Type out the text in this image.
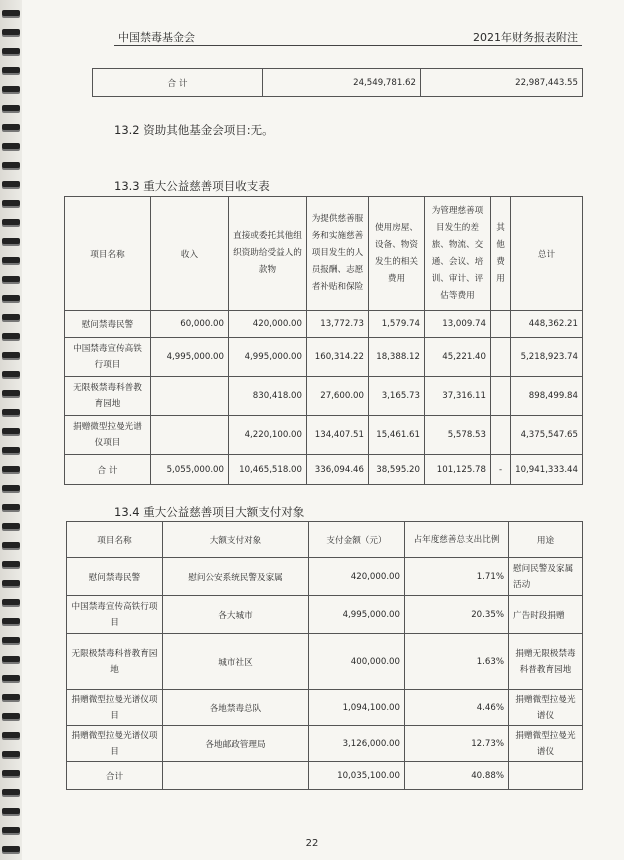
中国禁毒基金会	2021年财务报表附注
合 计	24,549,781.62	22,987,443.55
13.2 资助其他基金会项目:无。
13.3 重大公益慈善项目收支表
项目名称	收入	直接或委托其他组织资助给受益人的款物	为提供慈善服务和实施慈善项目发生的人员报酬、志愿者补贴和保险	使用房屋、设备、物资发生的相关费用	为管理慈善项目发生的差旅、物流、交通、会议、培训、审计、评估等费用	其他费用	总计
慰问禁毒民警	60,000.00	420,000.00	13,772.73	1,579.74	13,009.74		448,362.21
中国禁毒宣传高铁行项目	4,995,000.00	4,995,000.00	160,314.22	18,388.12	45,221.40		5,218,923.74
无限极禁毒科普教育园地		830,418.00	27,600.00	3,165.73	37,316.11		898,499.84
捐赠微型拉曼光谱仪项目		4,220,100.00	134,407.51	15,461.61	5,578.53		4,375,547.65
合 计	5,055,000.00	10,465,518.00	336,094.46	38,595.20	101,125.78	-	10,941,333.44
13.4 重大公益慈善项目大额支付对象
项目名称	大额支付对象	支付金额（元）	占年度慈善总支出比例	用途
慰问禁毒民警	慰问公安系统民警及家属	420,000.00	1.71%	慰问民警及家属活动
中国禁毒宣传高铁行项目	各大城市	4,995,000.00	20.35%	广告时段捐赠
无限极禁毒科普教育园地	城市社区	400,000.00	1.63%	捐赠无限极禁毒科普教育园地
捐赠微型拉曼光谱仪项目	各地禁毒总队	1,094,100.00	4.46%	捐赠微型拉曼光谱仪
捐赠微型拉曼光谱仪项目	各地邮政管理局	3,126,000.00	12.73%	捐赠微型拉曼光谱仪
合计		10,035,100.00	40.88%	
22
